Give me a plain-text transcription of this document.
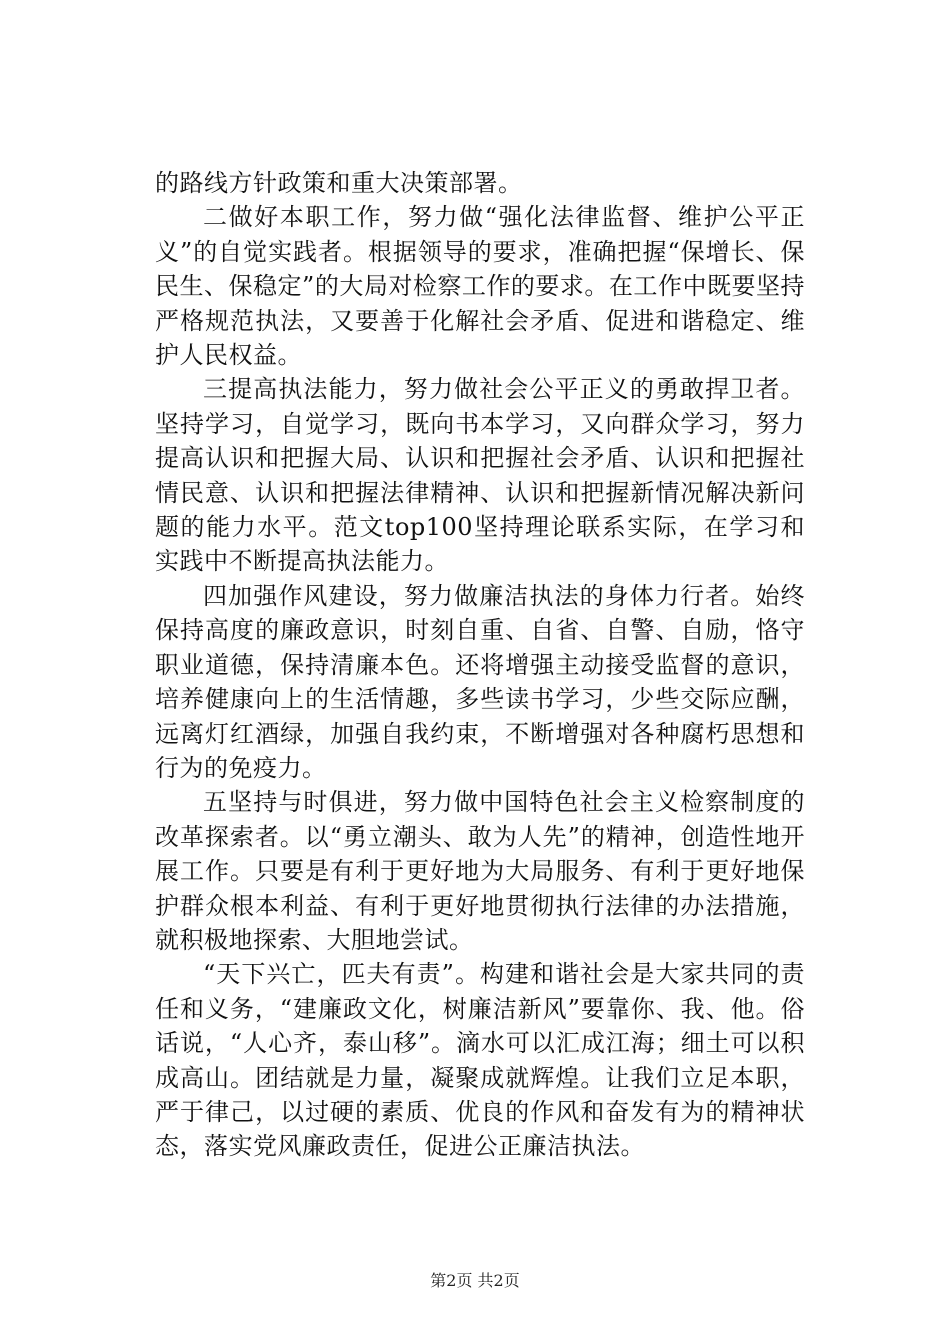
的路线方针政策和重大决策部署。

二做好本职工作，努力做“强化法律监督、维护公平正义”的自觉实践者。根据领导的要求，准确把握“保增长、保民生、保稳定”的大局对检察工作的要求。在工作中既要坚持严格规范执法，又要善于化解社会矛盾、促进和谐稳定、维护人民权益。

三提高执法能力，努力做社会公平正义的勇敢捍卫者。坚持学习，自觉学习，既向书本学习，又向群众学习，努力提高认识和把握大局、认识和把握社会矛盾、认识和把握社情民意、认识和把握法律精神、认识和把握新情况解决新问题的能力水平。范文top100坚持理论联系实际，在学习和实践中不断提高执法能力。

四加强作风建设，努力做廉洁执法的身体力行者。始终保持高度的廉政意识，时刻自重、自省、自警、自励，恪守职业道德，保持清廉本色。还将增强主动接受监督的意识，培养健康向上的生活情趣，多些读书学习，少些交际应酬，远离灯红酒绿，加强自我约束，不断增强对各种腐朽思想和行为的免疫力。

五坚持与时俱进，努力做中国特色社会主义检察制度的改革探索者。以“勇立潮头、敢为人先”的精神，创造性地开展工作。只要是有利于更好地为大局服务、有利于更好地保护群众根本利益、有利于更好地贯彻执行法律的办法措施，就积极地探索、大胆地尝试。

“天下兴亡，匹夫有责”。构建和谐社会是大家共同的责任和义务，“建廉政文化，树廉洁新风”要靠你、我、他。俗话说，“人心齐，泰山移”。滴水可以汇成江海；细土可以积成高山。团结就是力量，凝聚成就辉煌。让我们立足本职，严于律己，以过硬的素质、优良的作风和奋发有为的精神状态，落实党风廉政责任，促进公正廉洁执法。

第2页 共2页
